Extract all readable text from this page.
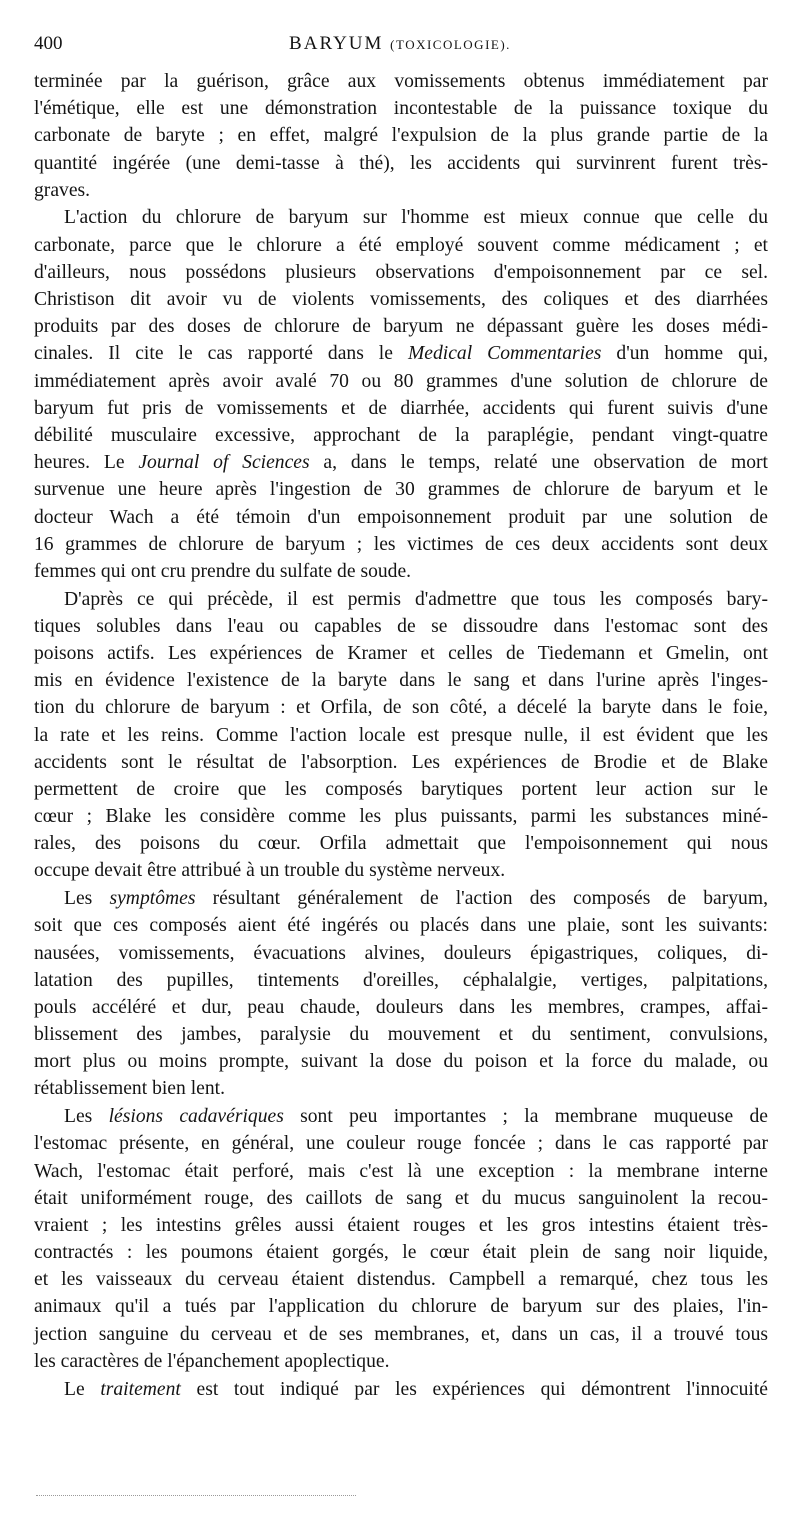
400	BARYUM (TOXICOLOGIE).
terminée par la guérison, grâce aux vomissements obtenus immédiatement par
l'émétique, elle est une démonstration incontestable de la puissance toxique du
carbonate de baryte ; en effet, malgré l'expulsion de la plus grande partie de la
quantité ingérée (une demi-tasse à thé), les accidents qui survinrent furent très-
graves.
L'action du chlorure de baryum sur l'homme est mieux connue que celle du
carbonate, parce que le chlorure a été employé souvent comme médicament ; et
d'ailleurs, nous possédons plusieurs observations d'empoisonnement par ce sel.
Christison dit avoir vu de violents vomissements, des coliques et des diarrhées
produits par des doses de chlorure de baryum ne dépassant guère les doses médi-
cinales. Il cite le cas rapporté dans le Medical Commentaries d'un homme qui,
immédiatement après avoir avalé 70 ou 80 grammes d'une solution de chlorure de
baryum fut pris de vomissements et de diarrhée, accidents qui furent suivis d'une
débilité musculaire excessive, approchant de la paraplégie, pendant vingt-quatre
heures. Le Journal of Sciences a, dans le temps, relaté une observation de mort
survenue une heure après l'ingestion de 30 grammes de chlorure de baryum et le
docteur Wach a été témoin d'un empoisonnement produit par une solution de
16 grammes de chlorure de baryum ; les victimes de ces deux accidents sont deux
femmes qui ont cru prendre du sulfate de soude.
D'après ce qui précède, il est permis d'admettre que tous les composés bary-
tiques solubles dans l'eau ou capables de se dissoudre dans l'estomac sont des
poisons actifs. Les expériences de Kramer et celles de Tiedemann et Gmelin, ont
mis en évidence l'existence de la baryte dans le sang et dans l'urine après l'inges-
tion du chlorure de baryum : et Orfila, de son côté, a décelé la baryte dans le foie,
la rate et les reins. Comme l'action locale est presque nulle, il est évident que les
accidents sont le résultat de l'absorption. Les expériences de Brodie et de Blake
permettent de croire que les composés barytiques portent leur action sur le
cœur ; Blake les considère comme les plus puissants, parmi les substances miné-
rales, des poisons du cœur. Orfila admettait que l'empoisonnement qui nous
occupe devait être attribué à un trouble du système nerveux.
Les symptômes résultant généralement de l'action des composés de baryum,
soit que ces composés aient été ingérés ou placés dans une plaie, sont les suivants:
nausées, vomissements, évacuations alvines, douleurs épigastriques, coliques, di-
latation des pupilles, tintements d'oreilles, céphalalgie, vertiges, palpitations,
pouls accéléré et dur, peau chaude, douleurs dans les membres, crampes, affai-
blissement des jambes, paralysie du mouvement et du sentiment, convulsions,
mort plus ou moins prompte, suivant la dose du poison et la force du malade, ou
rétablissement bien lent.
Les lésions cadavériques sont peu importantes ; la membrane muqueuse de
l'estomac présente, en général, une couleur rouge foncée ; dans le cas rapporté par
Wach, l'estomac était perforé, mais c'est là une exception : la membrane interne
était uniformément rouge, des caillots de sang et du mucus sanguinolent la recou-
vraient ; les intestins grêles aussi étaient rouges et les gros intestins étaient très-
contractés : les poumons étaient gorgés, le cœur était plein de sang noir liquide,
et les vaisseaux du cerveau étaient distendus. Campbell a remarqué, chez tous les
animaux qu'il a tués par l'application du chlorure de baryum sur des plaies, l'in-
jection sanguine du cerveau et de ses membranes, et, dans un cas, il a trouvé tous
les caractères de l'épanchement apoplectique.
Le traitement est tout indiqué par les expériences qui démontrent l'innocuité
